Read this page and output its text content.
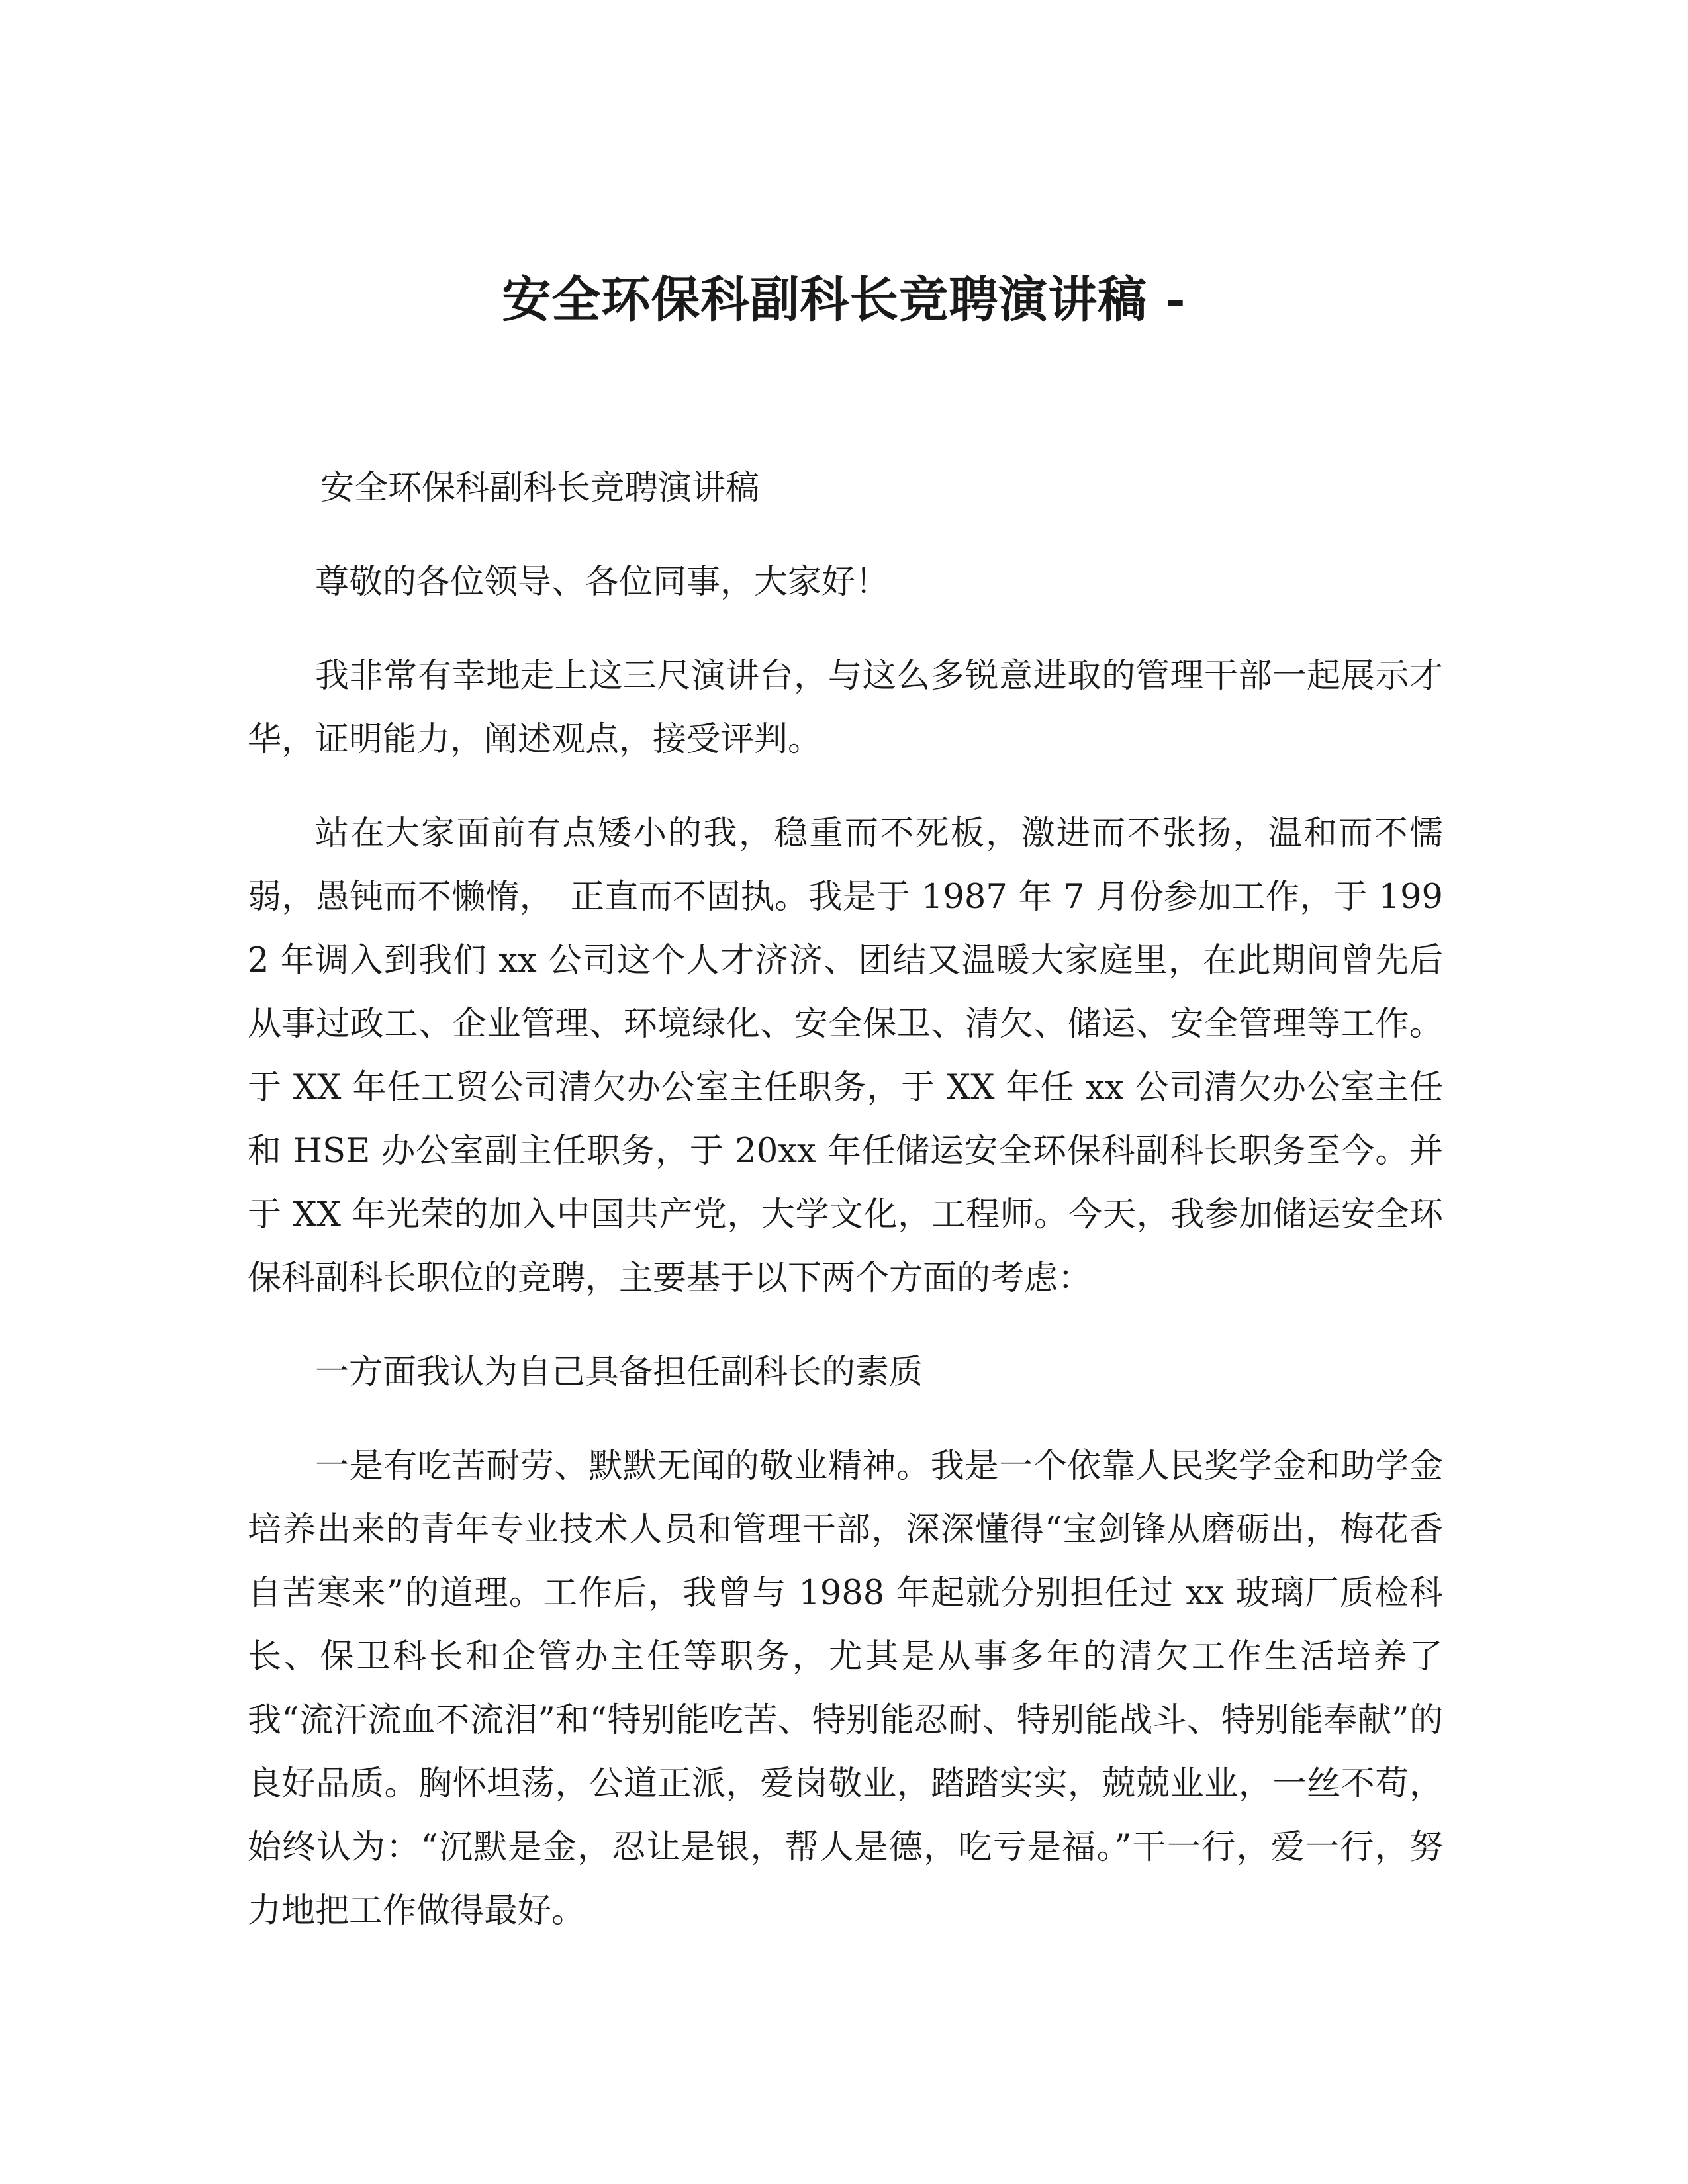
安全环保科副科长竞聘演讲稿 -

安全环保科副科长竞聘演讲稿

尊敬的各位领导、各位同事，大家好！

我非常有幸地走上这三尺演讲台，与这么多锐意进取的管理干部一起展示才华，证明能力，阐述观点，接受评判。

站在大家面前有点矮小的我，稳重而不死板，激进而不张扬，温和而不懦弱，愚钝而不懒惰，　正直而不固执。我是于 1987 年 7 月份参加工作，于 1992 年调入到我们 xx 公司这个人才济济、团结又温暖大家庭里，在此期间曾先后从事过政工、企业管理、环境绿化、安全保卫、清欠、储运、安全管理等工作。于 XX 年任工贸公司清欠办公室主任职务，于 XX 年任 xx 公司清欠办公室主任和 HSE 办公室副主任职务，于 20xx 年任储运安全环保科副科长职务至今。并于 XX 年光荣的加入中国共产党，大学文化，工程师。今天，我参加储运安全环保科副科长职位的竞聘，主要基于以下两个方面的考虑：

一方面我认为自己具备担任副科长的素质

一是有吃苦耐劳、默默无闻的敬业精神。我是一个依靠人民奖学金和助学金培养出来的青年专业技术人员和管理干部，深深懂得“宝剑锋从磨砺出，梅花香自苦寒来”的道理。工作后，我曾与 1988 年起就分别担任过 xx 玻璃厂质检科长、保卫科长和企管办主任等职务，尤其是从事多年的清欠工作生活培养了我“流汗流血不流泪”和“特别能吃苦、特别能忍耐、特别能战斗、特别能奉献”的良好品质。胸怀坦荡，公道正派，爱岗敬业，踏踏实实，兢兢业业，一丝不苟，始终认为：“沉默是金，忍让是银，帮人是德，吃亏是福。”干一行，爱一行，努力地把工作做得最好。
